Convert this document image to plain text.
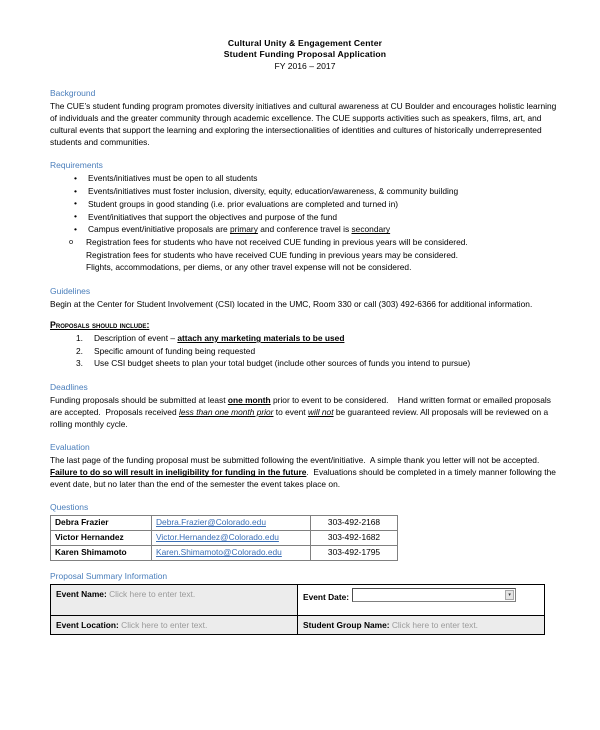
Cultural Unity & Engagement Center
Student Funding Proposal Application
FY 2016 – 2017
Background

The CUE’s student funding program promotes diversity initiatives and cultural awareness at CU Boulder and encourages holistic learning of individuals and the greater community through academic excellence. The CUE supports activities such as speakers, films, art, and cultural events that support the learning and exploring the intersectionalities of identities and cultures of historically underrepresented students and communities.

Requirements
• Events/initiatives must be open to all students
• Events/initiatives must foster inclusion, diversity, equity, education/awareness, & community building
• Student groups in good standing (i.e. prior evaluations are completed and turned in)
• Event/initiatives that support the objectives and purpose of the fund
• Campus event/initiative proposals are primary and conference travel is secondary
o Registration fees for students who have not received CUE funding in previous years will be considered.
Registration fees for students who have received CUE funding in previous years may be considered.
Flights, accommodations, per diems, or any other travel expense will not be considered.
Guidelines

Begin at the Center for Student Involvement (CSI) located in the UMC, Room 330 or call (303) 492-6366 for additional information.

Proposals should include:
Description of event – attach any marketing materials to be used
Specific amount of funding being requested
Use CSI budget sheets to plan your total budget (include other sources of funds you intend to pursue)
Deadlines

Funding proposals should be submitted at least one month prior to event to be considered.    Hand written format or emailed proposals are accepted.  Proposals received less than one month prior to event will not be guaranteed review. All proposals will be reviewed on a rolling monthly cycle.

Evaluation

The last page of the funding proposal must be submitted following the event/initiative.  A simple thank you letter will not be accepted.  Failure to do so will result in ineligibility for funding in the future.  Evaluations should be completed in a timely manner following the event date, but no later than the end of the semester the event takes place on.

Questions
Debra Frazier	Debra.Frazier@Colorado.edu	303-492-2168
Victor Hernandez	Victor.Hernandez@Colorado.edu	303-492-1682
Karen Shimamoto	Karen.Shimamoto@Colorado.edu	303-492-1795
Proposal Summary Information
Event Name: Click here to enter text.	Event Date: ▾

Event Location: Click here to enter text.	Student Group Name: Click here to enter text.
